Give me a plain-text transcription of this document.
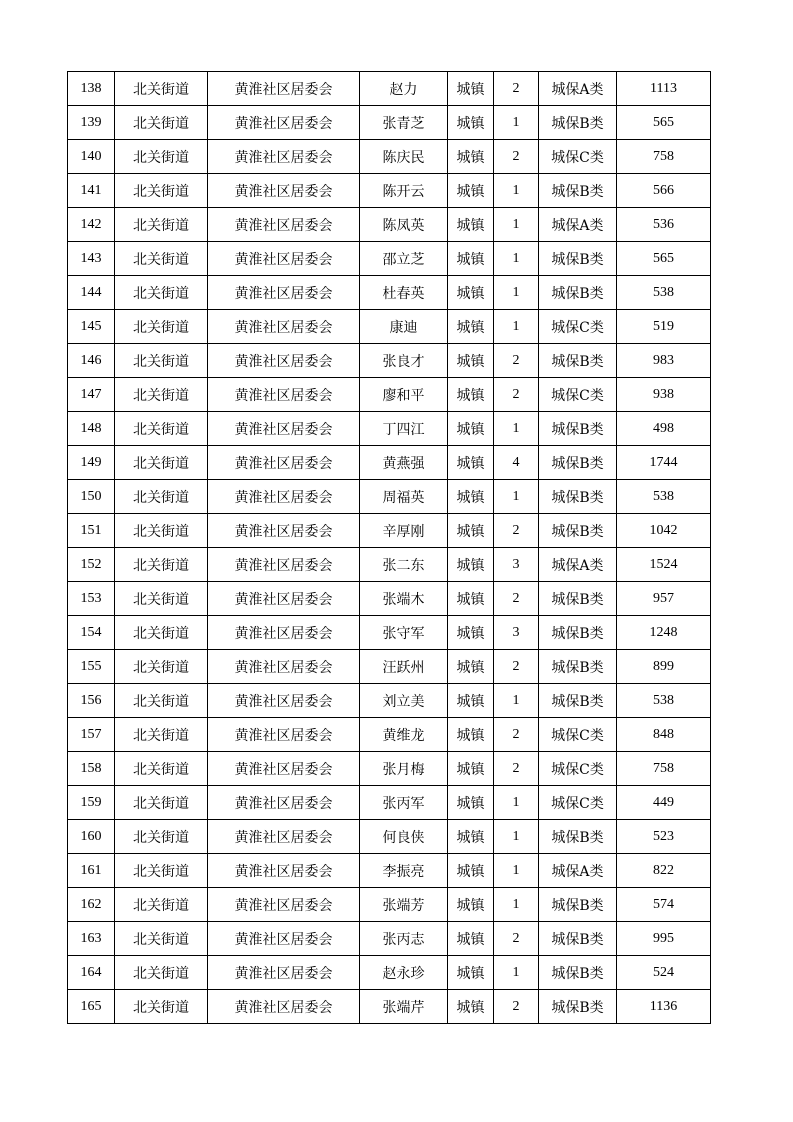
138	北关街道	黄淮社区居委会	赵力	城镇	2	城保A类	1113
139	北关街道	黄淮社区居委会	张青芝	城镇	1	城保B类	565
140	北关街道	黄淮社区居委会	陈庆民	城镇	2	城保C类	758
141	北关街道	黄淮社区居委会	陈开云	城镇	1	城保B类	566
142	北关街道	黄淮社区居委会	陈凤英	城镇	1	城保A类	536
143	北关街道	黄淮社区居委会	邵立芝	城镇	1	城保B类	565
144	北关街道	黄淮社区居委会	杜春英	城镇	1	城保B类	538
145	北关街道	黄淮社区居委会	康迪	城镇	1	城保C类	519
146	北关街道	黄淮社区居委会	张良才	城镇	2	城保B类	983
147	北关街道	黄淮社区居委会	廖和平	城镇	2	城保C类	938
148	北关街道	黄淮社区居委会	丁四江	城镇	1	城保B类	498
149	北关街道	黄淮社区居委会	黄燕强	城镇	4	城保B类	1744
150	北关街道	黄淮社区居委会	周福英	城镇	1	城保B类	538
151	北关街道	黄淮社区居委会	辛厚刚	城镇	2	城保B类	1042
152	北关街道	黄淮社区居委会	张二东	城镇	3	城保A类	1524
153	北关街道	黄淮社区居委会	张端木	城镇	2	城保B类	957
154	北关街道	黄淮社区居委会	张守军	城镇	3	城保B类	1248
155	北关街道	黄淮社区居委会	汪跃州	城镇	2	城保B类	899
156	北关街道	黄淮社区居委会	刘立美	城镇	1	城保B类	538
157	北关街道	黄淮社区居委会	黄维龙	城镇	2	城保C类	848
158	北关街道	黄淮社区居委会	张月梅	城镇	2	城保C类	758
159	北关街道	黄淮社区居委会	张丙军	城镇	1	城保C类	449
160	北关街道	黄淮社区居委会	何良侠	城镇	1	城保B类	523
161	北关街道	黄淮社区居委会	李振亮	城镇	1	城保A类	822
162	北关街道	黄淮社区居委会	张端芳	城镇	1	城保B类	574
163	北关街道	黄淮社区居委会	张丙志	城镇	2	城保B类	995
164	北关街道	黄淮社区居委会	赵永珍	城镇	1	城保B类	524
165	北关街道	黄淮社区居委会	张端芹	城镇	2	城保B类	1136
